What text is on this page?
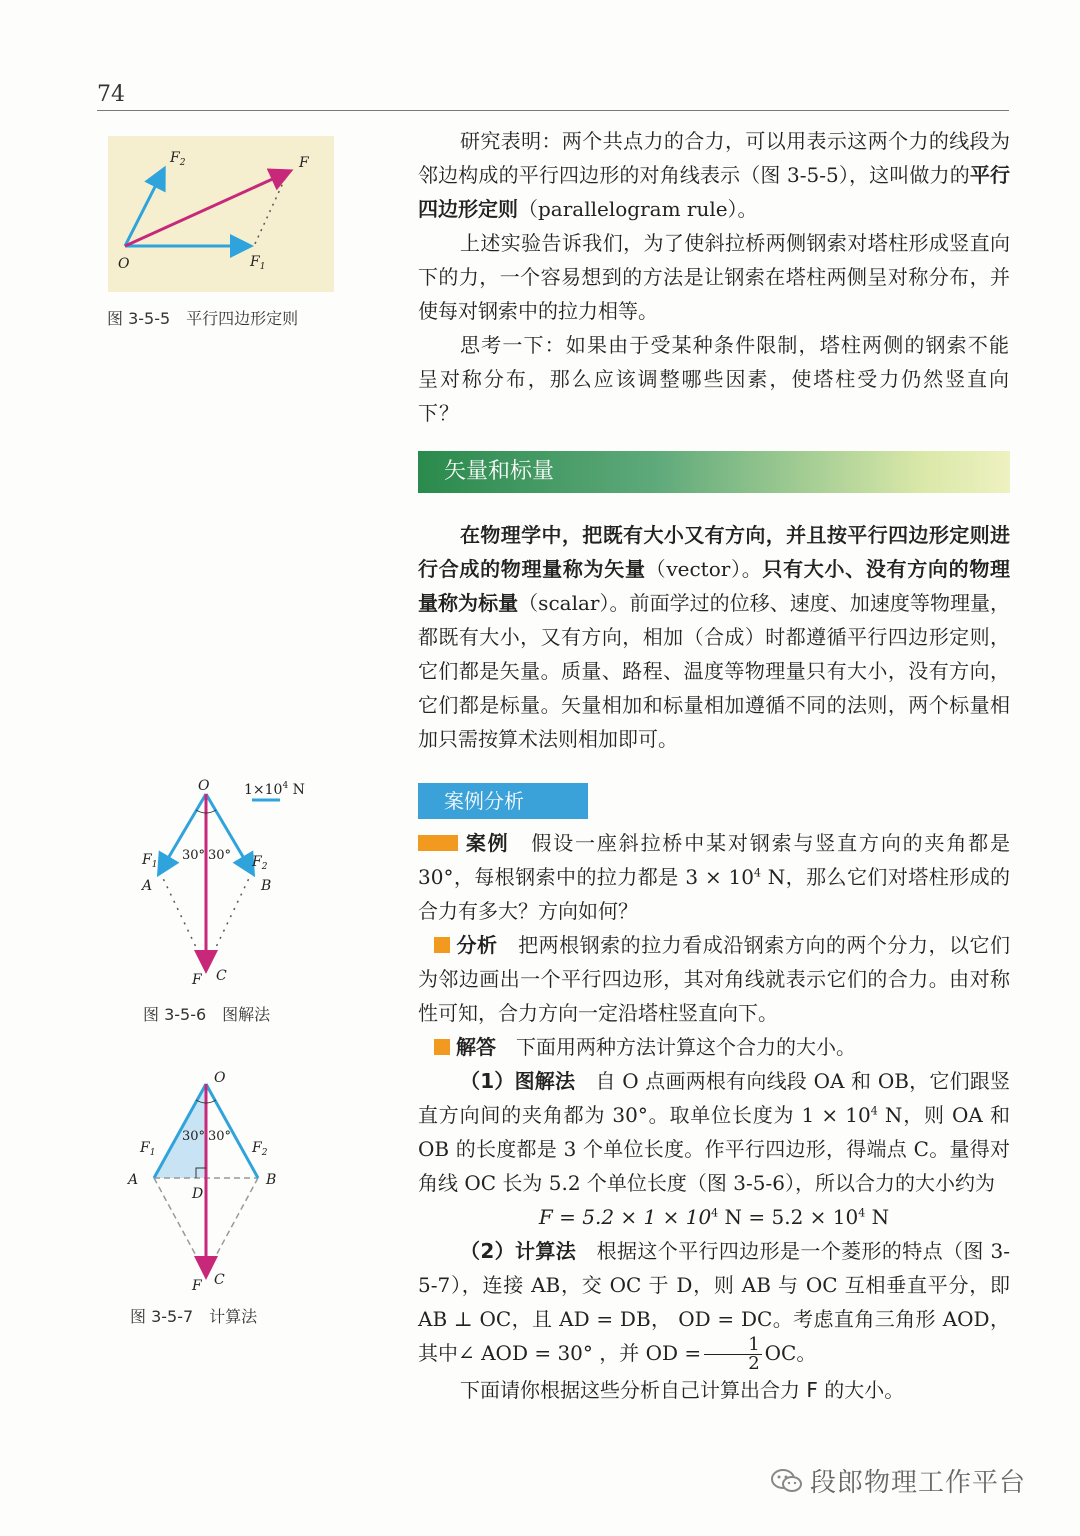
74
$F_2$	F
O	$F_1$
图 3-5-5　平行四边形定则

研究表明：两个共点力的合力，可以用表示这两个力的线段为邻边构成的平行四边形的对角线表示（图 3-5-5），这叫做力的平行四边形定则（parallelogram rule）。

上述实验告诉我们，为了使斜拉桥两侧钢索对塔柱形成竖直向下的力，一个容易想到的方法是让钢索在塔柱两侧呈对称分布，并使每对钢索中的拉力相等。

思考一下：如果由于受某种条件限制，塔柱两侧的钢索不能呈对称分布，那么应该调整哪些因素，使塔柱受力仍然竖直向下？

矢量和标量

在物理学中，把既有大小又有方向，并且按平行四边形定则进行合成的物理量称为矢量（vector）。只有大小、没有方向的物理量称为标量（scalar）。前面学过的位移、速度、加速度等物理量，都既有大小，又有方向，相加（合成）时都遵循平行四边形定则，它们都是矢量。质量、路程、温度等物理量只有大小，没有方向，它们都是标量。矢量相加和标量相加遵循不同的法则，两个标量相加只需按算术法则相加即可。

案例分析
O $1\times 10^4$ N
30° 30°
$F_1$	$F_2$
A	B
F C
图 3-5-6　图解法
O
30° 30°
$F_1$	$F_2$
A	B
D
F C
图 3-5-7　计算法

案例　 假设一座斜拉桥中某对钢索与竖直方向的夹角都是 30°，每根钢索中的拉力都是 $3 \times 10^4$ N，那么它们对塔柱形成的合力有多大？方向如何？

分析　 把两根钢索的拉力看成沿钢索方向的两个分力，以它们为邻边画出一个平行四边形，其对角线就表示它们的合力。由对称性可知，合力方向一定沿塔柱竖直向下。

解答　 下面用两种方法计算这个合力的大小。

（1）图解法　 自 O 点画两根有向线段 OA 和 OB，它们跟竖直方向间的夹角都为 30°。取单位长度为 $1 \times 10^4$ N，则 OA 和 OB 的长度都是 3 个单位长度。作平行四边形，得端点 C。量得对角线 OC 长为 5.2 个单位长度（图 3-5-6），所以合力的大小约为

$F = 5.2 \times 1 \times 10^4$ $N = 5.2 \times 10^4$ N

（2）计算法　 根据这个平行四边形是一个菱形的特点（图 3-5-7），连接 AB，交 OC 于 D，则 AB 与 OC 互相垂直平分，即 AB ⊥ OC，且 AD = DB， OD = DC。考虑直角三角形 AOD，其中∠ AOD = 30° ，并 OD = $\frac{1}{2}$ OC。

下面请你根据这些分析自己计算出合力 F 的大小。

段郎物理工作平台
